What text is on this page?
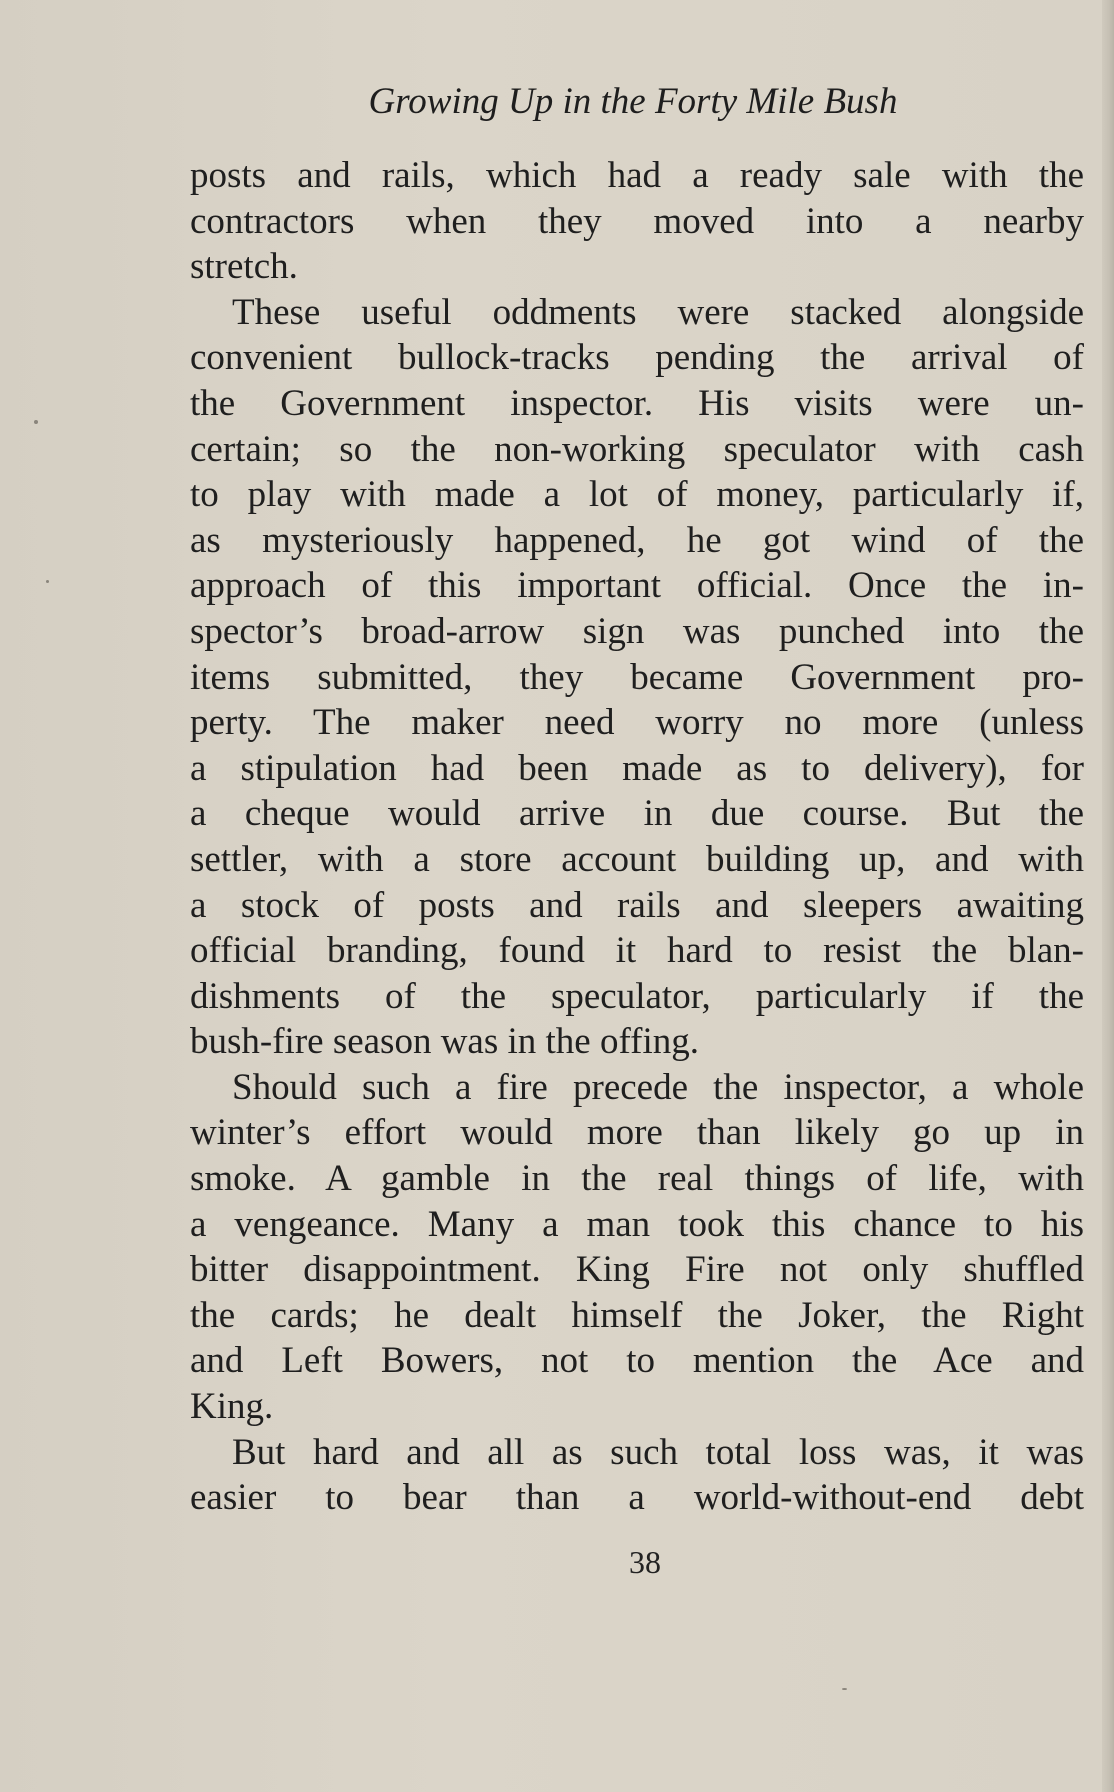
Growing Up in the Forty Mile Bush
posts and rails, which had a ready sale with the
contractors when they moved into a nearby
stretch.
These useful oddments were stacked alongside
convenient bullock-tracks pending the arrival of
the Government inspector. His visits were un-
certain; so the non-working speculator with cash
to play with made a lot of money, particularly if,
as mysteriously happened, he got wind of the
approach of this important official. Once the in-
spector’s broad-arrow sign was punched into the
items submitted, they became Government pro-
perty. The maker need worry no more (unless
a stipulation had been made as to delivery), for
a cheque would arrive in due course. But the
settler, with a store account building up, and with
a stock of posts and rails and sleepers awaiting
official branding, found it hard to resist the blan-
dishments of the speculator, particularly if the
bush-fire season was in the offing.
Should such a fire precede the inspector, a whole
winter’s effort would more than likely go up in
smoke. A gamble in the real things of life, with
a vengeance. Many a man took this chance to his
bitter disappointment. King Fire not only shuffled
the cards; he dealt himself the Joker, the Right
and Left Bowers, not to mention the Ace and
King.
But hard and all as such total loss was, it was
easier to bear than a world-without-end debt
38
